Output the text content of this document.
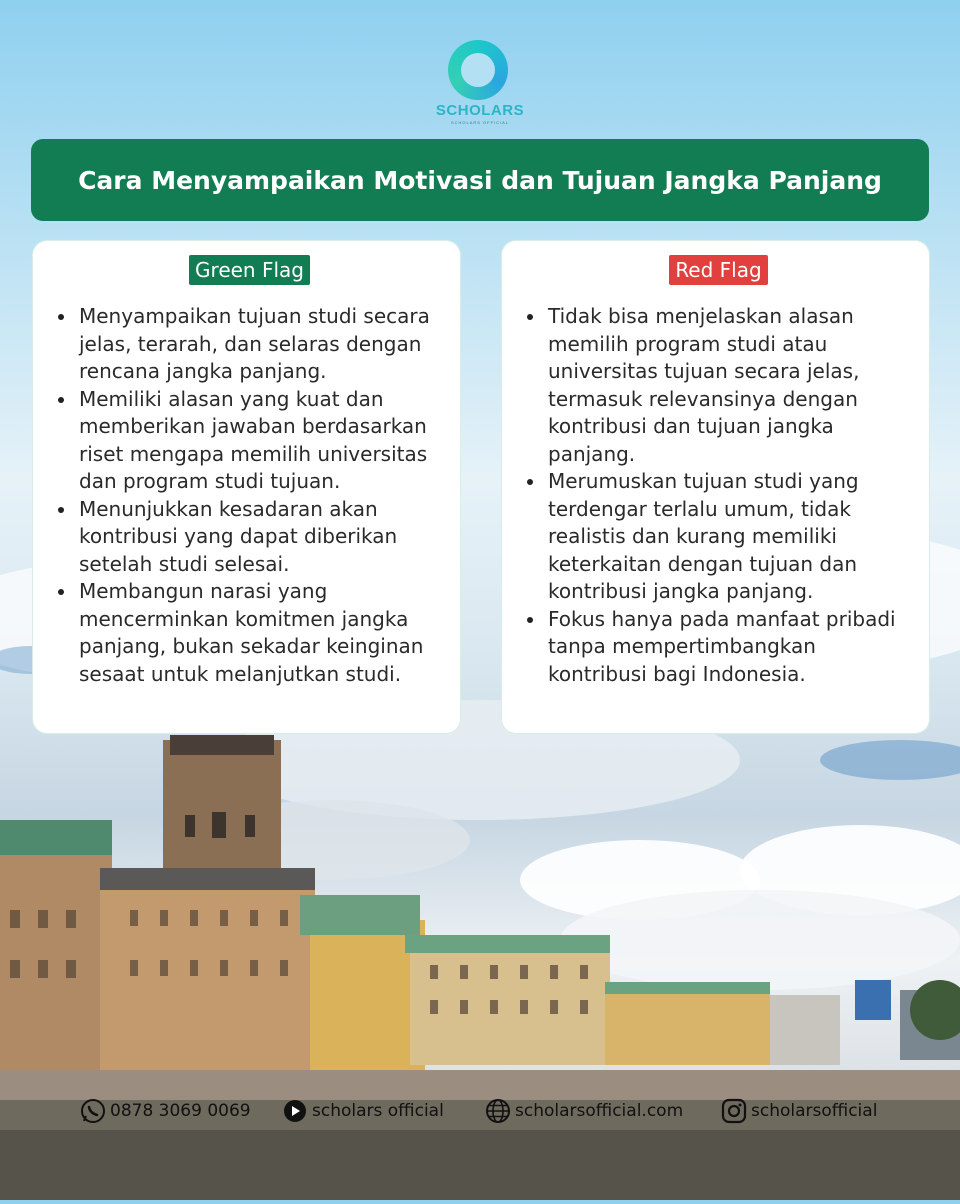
SCHOLARS
SCHOLARS OFFICIAL
Cara Menyampaikan Motivasi dan Tujuan Jangka Panjang
Green Flag
Menyampaikan tujuan studi secara jelas, terarah, dan selaras dengan rencana jangka panjang.
Memiliki alasan yang kuat dan memberikan jawaban berdasarkan riset mengapa memilih universitas dan program studi tujuan.
Menunjukkan kesadaran akan kontribusi yang dapat diberikan setelah studi selesai.
Membangun narasi yang mencerminkan komitmen jangka panjang, bukan sekadar keinginan sesaat untuk melanjutkan studi.
Red Flag
Tidak bisa menjelaskan alasan memilih program studi atau universitas tujuan secara jelas, termasuk relevansinya dengan kontribusi dan tujuan jangka panjang.
Merumuskan tujuan studi yang terdengar terlalu umum, tidak realistis dan kurang memiliki keterkaitan dengan tujuan dan kontribusi jangka panjang.
Fokus hanya pada manfaat pribadi tanpa mempertimbangkan kontribusi bagi Indonesia.
0878 3069 0069	scholars official	scholarsofficial.com	scholarsofficial
